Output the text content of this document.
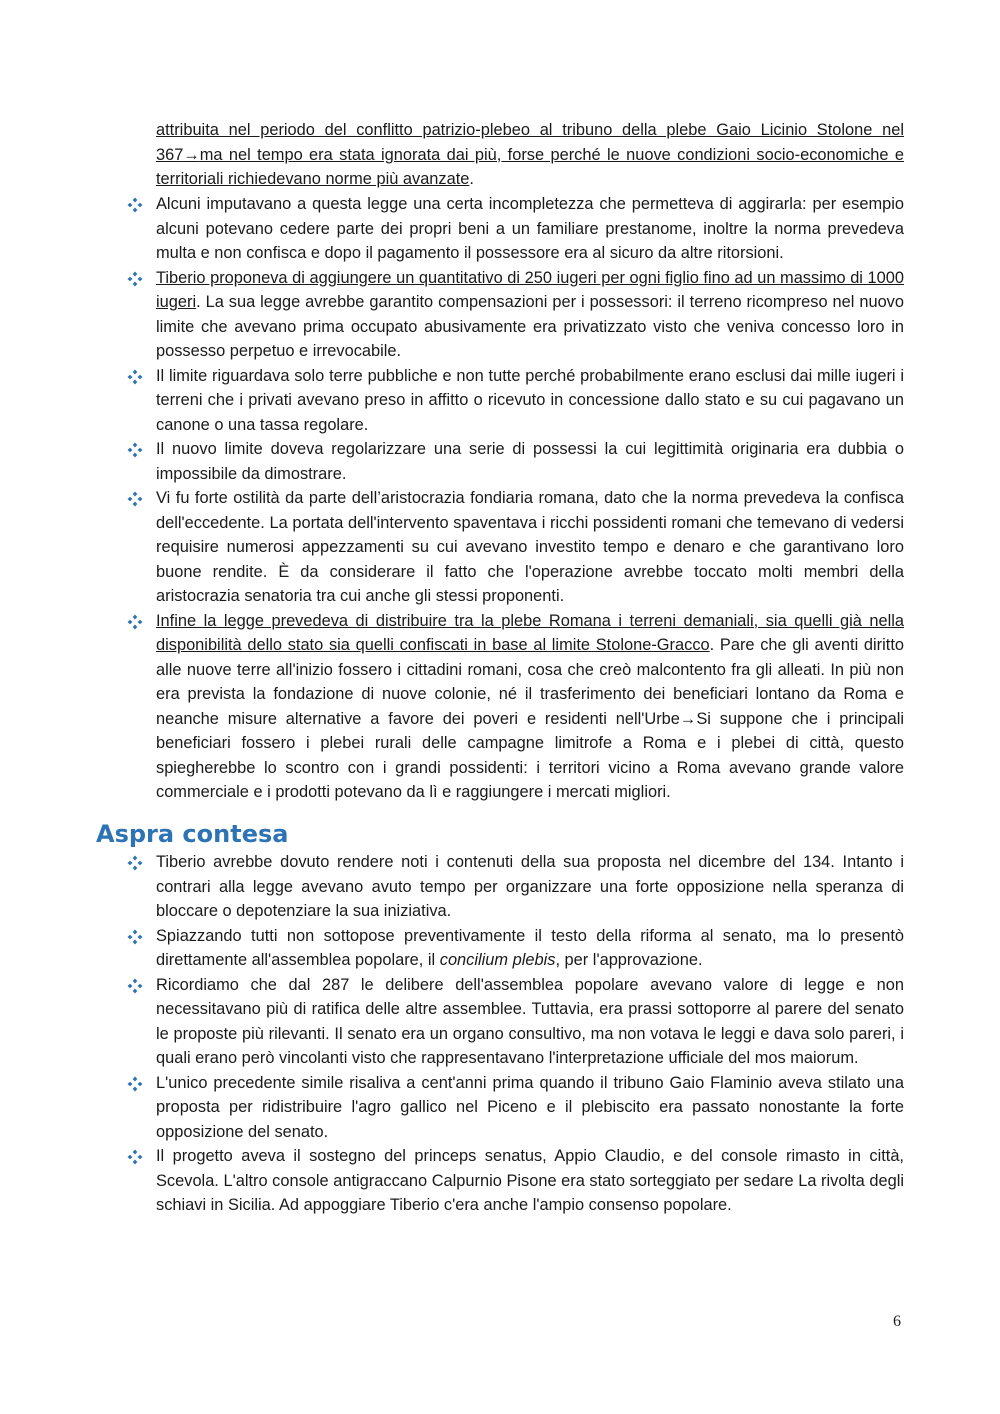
attribuita nel periodo del conflitto patrizio-plebeo al tribuno della plebe Gaio Licinio Stolone nel 367→ma nel tempo era stata ignorata dai più, forse perché le nuove condizioni socio-economiche e territoriali richiedevano norme più avanzate.

Alcuni imputavano a questa legge una certa incompletezza che permetteva di aggirarla: per esempio alcuni potevano cedere parte dei propri beni a un familiare prestanome, inoltre la norma prevedeva multa e non confisca e dopo il pagamento il possessore era al sicuro da altre ritorsioni.
Tiberio proponeva di aggiungere un quantitativo di 250 iugeri per ogni figlio fino ad un massimo di 1000 iugeri. La sua legge avrebbe garantito compensazioni per i possessori: il terreno ricompreso nel nuovo limite che avevano prima occupato abusivamente era privatizzato visto che veniva concesso loro in possesso perpetuo e irrevocabile.
Il limite riguardava solo terre pubbliche e non tutte perché probabilmente erano esclusi dai mille iugeri i terreni che i privati avevano preso in affitto o ricevuto in concessione dallo stato e su cui pagavano un canone o una tassa regolare.
Il nuovo limite doveva regolarizzare una serie di possessi la cui legittimità originaria era dubbia o impossibile da dimostrare.
Vi fu forte ostilità da parte dell’aristocrazia fondiaria romana, dato che la norma prevedeva la confisca dell'eccedente. La portata dell'intervento spaventava i ricchi possidenti romani che temevano di vedersi requisire numerosi appezzamenti su cui avevano investito tempo e denaro e che garantivano loro buone rendite. È da considerare il fatto che l'operazione avrebbe toccato molti membri della aristocrazia senatoria tra cui anche gli stessi proponenti.
Infine la legge prevedeva di distribuire tra la plebe Romana i terreni demaniali, sia quelli già nella disponibilità dello stato sia quelli confiscati in base al limite Stolone-Gracco. Pare che gli aventi diritto alle nuove terre all'inizio fossero i cittadini romani, cosa che creò malcontento fra gli alleati. In più non era prevista la fondazione di nuove colonie, né il trasferimento dei beneficiari lontano da Roma e neanche misure alternative a favore dei poveri e residenti nell'Urbe→Si suppone che i principali beneficiari fossero i plebei rurali delle campagne limitrofe a Roma e i plebei di città, questo spiegherebbe lo scontro con i grandi possidenti: i territori vicino a Roma avevano grande valore commerciale e i prodotti potevano da lì e raggiungere i mercati migliori.
Aspra contesa
Tiberio avrebbe dovuto rendere noti i contenuti della sua proposta nel dicembre del 134. Intanto i contrari alla legge avevano avuto tempo per organizzare una forte opposizione nella speranza di bloccare o depotenziare la sua iniziativa.
Spiazzando tutti non sottopose preventivamente il testo della riforma al senato, ma lo presentò direttamente all'assemblea popolare, il concilium plebis, per l'approvazione.
Ricordiamo che dal 287 le delibere dell'assemblea popolare avevano valore di legge e non necessitavano più di ratifica delle altre assemblee. Tuttavia, era prassi sottoporre al parere del senato le proposte più rilevanti. Il senato era un organo consultivo, ma non votava le leggi e dava solo pareri, i quali erano però vincolanti visto che rappresentavano l'interpretazione ufficiale del mos maiorum.
L'unico precedente simile risaliva a cent'anni prima quando il tribuno Gaio Flaminio aveva stilato una proposta per ridistribuire l'agro gallico nel Piceno e il plebiscito era passato nonostante la forte opposizione del senato.
Il progetto aveva il sostegno del princeps senatus, Appio Claudio, e del console rimasto in città, Scevola. L'altro console antigraccano Calpurnio Pisone era stato sorteggiato per sedare La rivolta degli schiavi in Sicilia. Ad appoggiare Tiberio c'era anche l'ampio consenso popolare.
6
